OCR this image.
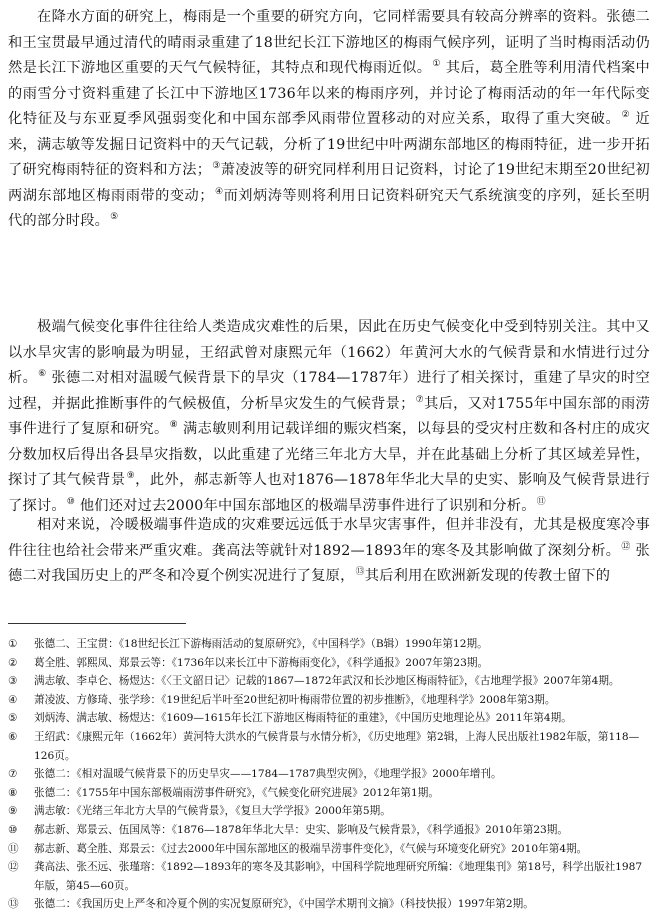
在降水方面的研究上，梅雨是一个重要的研究方向，它同样需要具有较高分辨率的资料。张德二和王宝贯最早通过清代的晴雨录重建了18世纪长江下游地区的梅雨气候序列，证明了当时梅雨活动仍然是长江下游地区重要的天气气候特征，其特点和现代梅雨近似。① 其后，葛全胜等利用清代档案中的雨雪分寸资料重建了长江中下游地区1736年以来的梅雨序列，并讨论了梅雨活动的年一年代际变化特征及与东亚夏季风强弱变化和中国东部季风雨带位置移动的对应关系，取得了重大突破。② 近来，满志敏等发掘日记资料中的天气记载，分析了19世纪中叶两湖东部地区的梅雨特征，进一步开拓了研究梅雨特征的资料和方法；③萧凌波等的研究同样利用日记资料，讨论了19世纪末期至20世纪初两湖东部地区梅雨雨带的变动；④而刘炳涛等则将利用日记资料研究天气系统演变的序列，延长至明代的部分时段。⑤

极端气候变化事件往往给人类造成灾难性的后果，因此在历史气候变化中受到特别关注。其中又以水旱灾害的影响最为明显，王绍武曾对康熙元年（1662）年黄河大水的气候背景和水情进行过分析。⑥ 张德二对相对温暖气候背景下的旱灾（1784—1787年）进行了相关探讨，重建了旱灾的时空过程，并据此推断事件的气候极值，分析旱灾发生的气候背景；⑦其后，又对1755年中国东部的雨涝事件进行了复原和研究。⑧ 满志敏则利用记载详细的赈灾档案，以每县的受灾村庄数和各村庄的成灾分数加权后得出各县旱灾指数，以此重建了光绪三年北方大旱，并在此基础上分析了其区域差异性，探讨了其气候背景⑨，此外，郝志新等人也对1876—1878年华北大旱的史实、影响及气候背景进行了探讨。⑩ 他们还对过去2000年中国东部地区的极端旱涝事件进行了识别和分析。⑪

相对来说，冷暖极端事件造成的灾难要远远低于水旱灾害事件，但并非没有，尤其是极度寒冷事件往往也给社会带来严重灾难。龚高法等就针对1892—1893年的寒冬及其影响做了深刻分析。⑫ 张德二对我国历史上的严冬和冷夏个例实况进行了复原，⑬其后利用在欧洲新发现的传教士留下的

①	张德二、王宝贯：《18世纪长江下游梅雨活动的复原研究》，《中国科学》（B辑）1990年第12期。
②	葛全胜、郭熙凤、郑景云等：《1736年以来长江中下游梅雨变化》，《科学通报》2007年第23期。
③	满志敏、李卓仑、杨煜达：《〈王文韶日记〉记载的1867—1872年武汉和长沙地区梅雨特征》，《古地理学报》2007年第4期。
④	萧凌波、方修琦、张学珍：《19世纪后半叶至20世纪初叶梅雨带位置的初步推断》，《地理科学》2008年第3期。
⑤	刘炳涛、满志敏、杨煜达：《1609—1615年长江下游地区梅雨特征的重建》，《中国历史地理论丛》2011年第4期。
⑥	王绍武：《康熙元年（1662年）黄河特大洪水的气候背景与水情分析》，《历史地理》第2辑，上海人民出版社1982年版，第118—126页。
⑦	张德二：《相对温暖气候背景下的历史旱灾——1784—1787典型灾例》，《地理学报》2000年增刊。
⑧	张德二：《1755年中国东部极端雨涝事件研究》，《气候变化研究进展》2012年第1期。
⑨	满志敏：《光绪三年北方大旱的气候背景》，《复旦大学学报》2000年第5期。
⑩	郝志新、郑景云、伍国凤等：《1876—1878年华北大旱：史实、影响及气候背景》，《科学通报》2010年第23期。
⑪	郝志新、葛全胜、郑景云：《过去2000年中国东部地区的极端旱涝事件变化》，《气候与环境变化研究》2010年第4期。
⑫	龚高法、张丕远、张瑾瑢：《1892—1893年的寒冬及其影响》，中国科学院地理研究所编：《地理集刊》第18号，科学出版社1987年版，第45—60页。
⑬	张德二：《我国历史上严冬和冷夏个例的实况复原研究》，《中国学术期刊文摘》（科技快报）1997年第2期。
